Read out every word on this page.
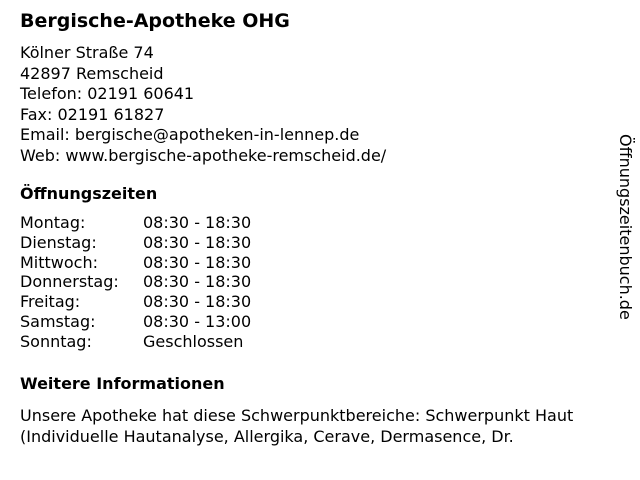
Bergische-Apotheke OHG
Kölner Straße 74
42897 Remscheid
Telefon: 02191 60641
Fax: 02191 61827
Email: bergische@apotheken-in-lennep.de
Web: www.bergische-apotheke-remscheid.de/
Öffnungszeiten
Montag:	08:30 - 18:30
Dienstag:	08:30 - 18:30
Mittwoch:	08:30 - 18:30
Donnerstag: 08:30 - 18:30
Freitag:	08:30 - 18:30
Samstag:	08:30 - 13:00
Sonntag:	Geschlossen
Weitere Informationen
Unsere Apotheke hat diese Schwerpunktbereiche: Schwerpunkt Haut
(Individuelle Hautanalyse, Allergika, Cerave, Dermasence, Dr.
Öffnungszeitenbuch.de
